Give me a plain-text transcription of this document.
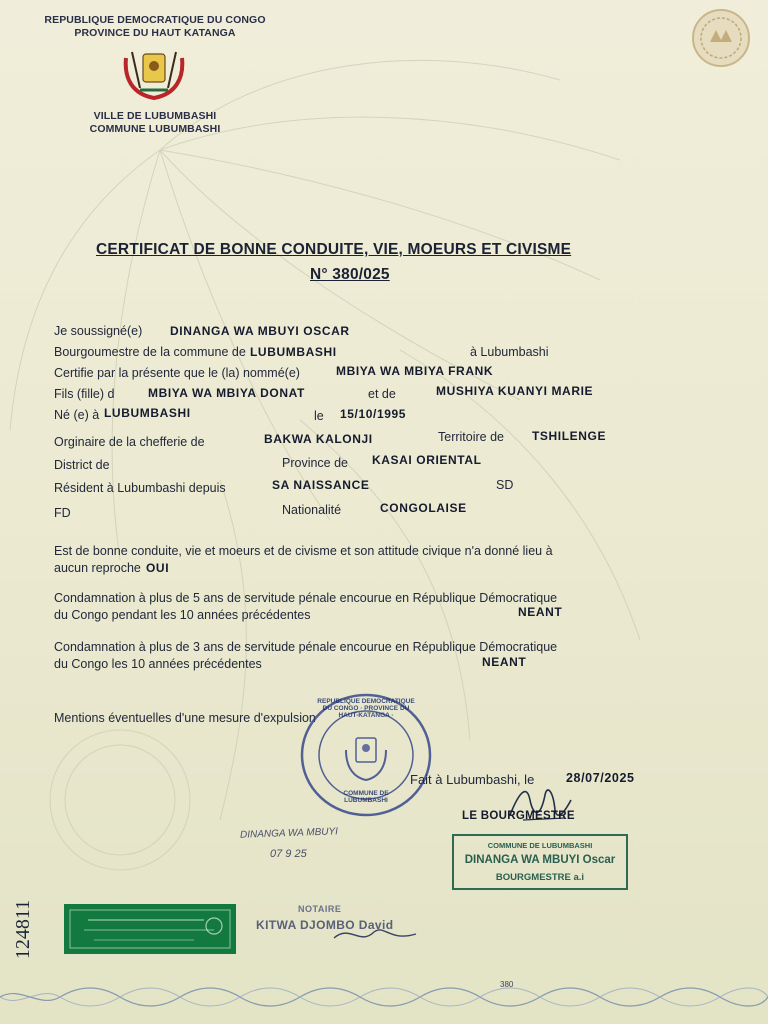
REPUBLIQUE DEMOCRATIQUE DU CONGO
PROVINCE DU HAUT KATANGA
VILLE DE LUBUMBASHI
COMMUNE LUBUMBASHI
CERTIFICAT DE BONNE CONDUITE, VIE, MOEURS ET CIVISME
N° 380/025
Je soussigné(e) DINANGA WA MBUYI OSCAR
Bourgoumestre de la commune de LUBUMBASHI	à Lubumbashi
Certifie par la présente que le (la) nommé(e)	MBIYA WA MBIYA FRANK
Fils (fille) d	MBIYA WA MBIYA DONAT	et de	MUSHIYA KUANYI MARIE
Né (e) à LUBUMBASHI	le 15/10/1995
Orginaire de la chefferie de	BAKWA KALONJI	Territoire de TSHILENGE
District de	Province de KASAI ORIENTAL
Résident à Lubumbashi depuis	SA NAISSANCE	SD
FD	Nationalité	CONGOLAISE
Est de bonne conduite, vie et moeurs et de civisme et son attitude civique n'a donné lieu à
aucun reproche OUI
Condamnation à plus de 5 ans de servitude pénale encourue en République Démocratique
du Congo pendant les 10 années précédentes	NEANT
Condamnation à plus de 3 ans de servitude pénale encourue en République Démocratique
du Congo les 10 années précédentes	NEANT
Mentions éventuelles d'une mesure d'expulsion
REPUBLIQUE DEMOCRATIQUE DU CONGO · PROVINCE DU HAUT-KATANGA ·
COMMUNE DE LUBUMBASHI
Fait à Lubumbashi, le	28/07/2025
LE BOURGMESTRE
COMMUNE DE LUBUMBASHI
DINANGA WA MBUYI Oscar
BOURGMESTRE a.i
DINANGA WA MBUYI
07 9 25
NOTAIRE
KITWA DJOMBO David
124811
380
